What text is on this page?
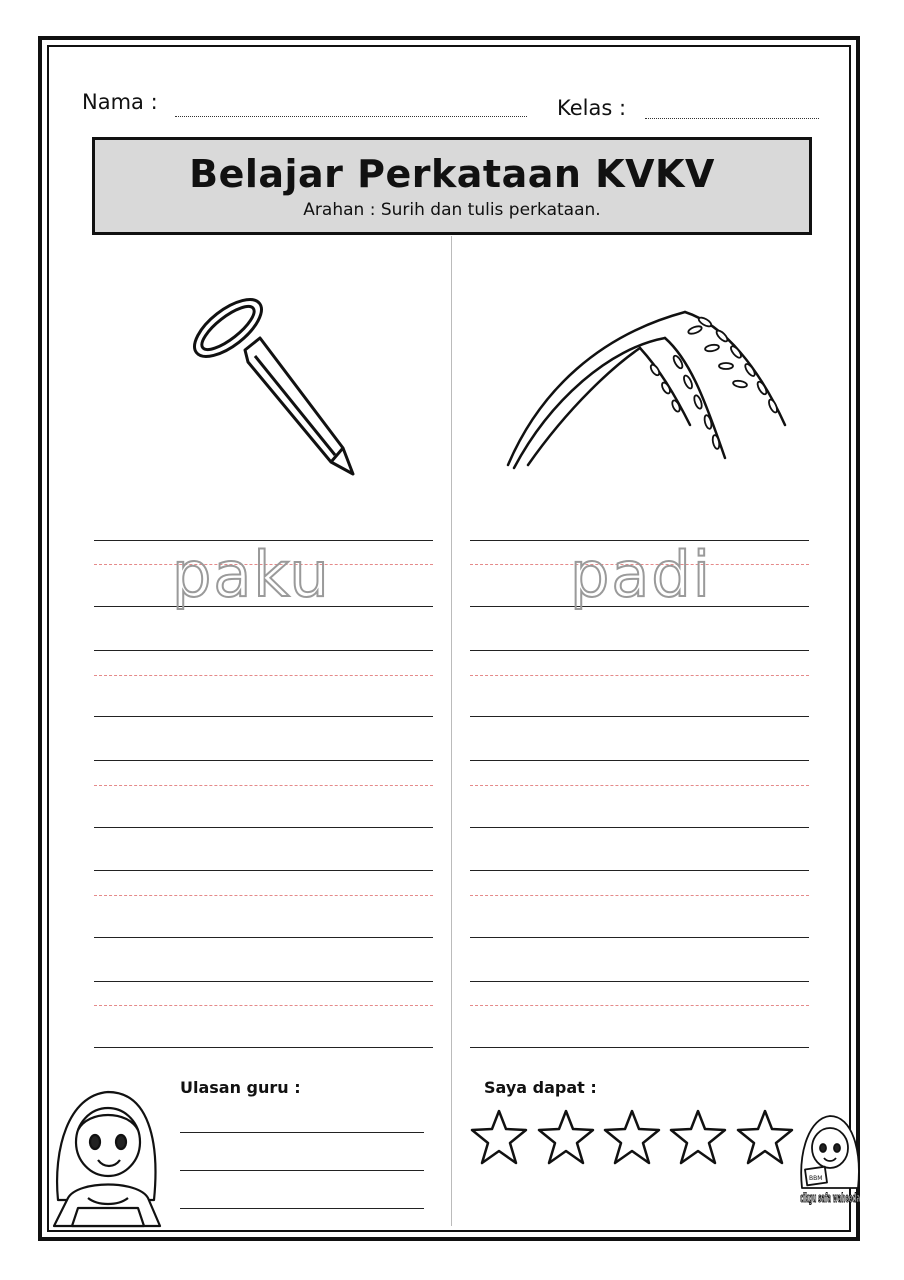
Nama :	Kelas :
Belajar Perkataan KVKV
Arahan : Surih dan tulis perkataan.
paku	padi
Ulasan guru :	Saya dapat :
BBM
cikgu safa waheeda
